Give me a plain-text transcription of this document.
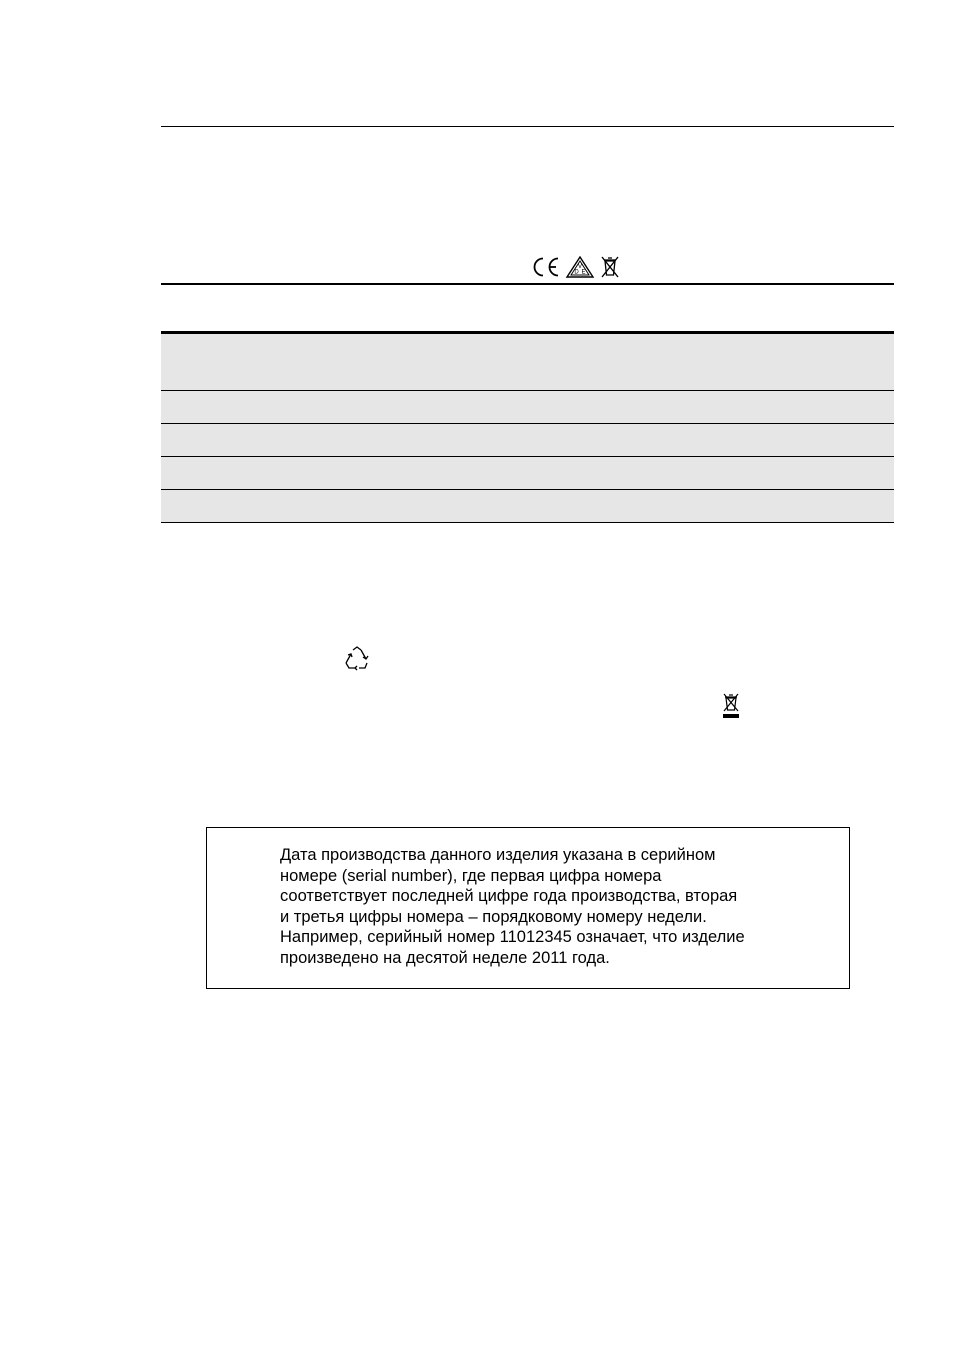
V
D E

Дата производства данного изделия указана в серийном
номере (serial number), где первая цифра номера
соответствует последней цифре года производства, вторая
и третья цифры номера – порядковому номеру недели.
Например, серийный номер 11012345 означает, что изделие
произведено на десятой неделе 2011 года.
